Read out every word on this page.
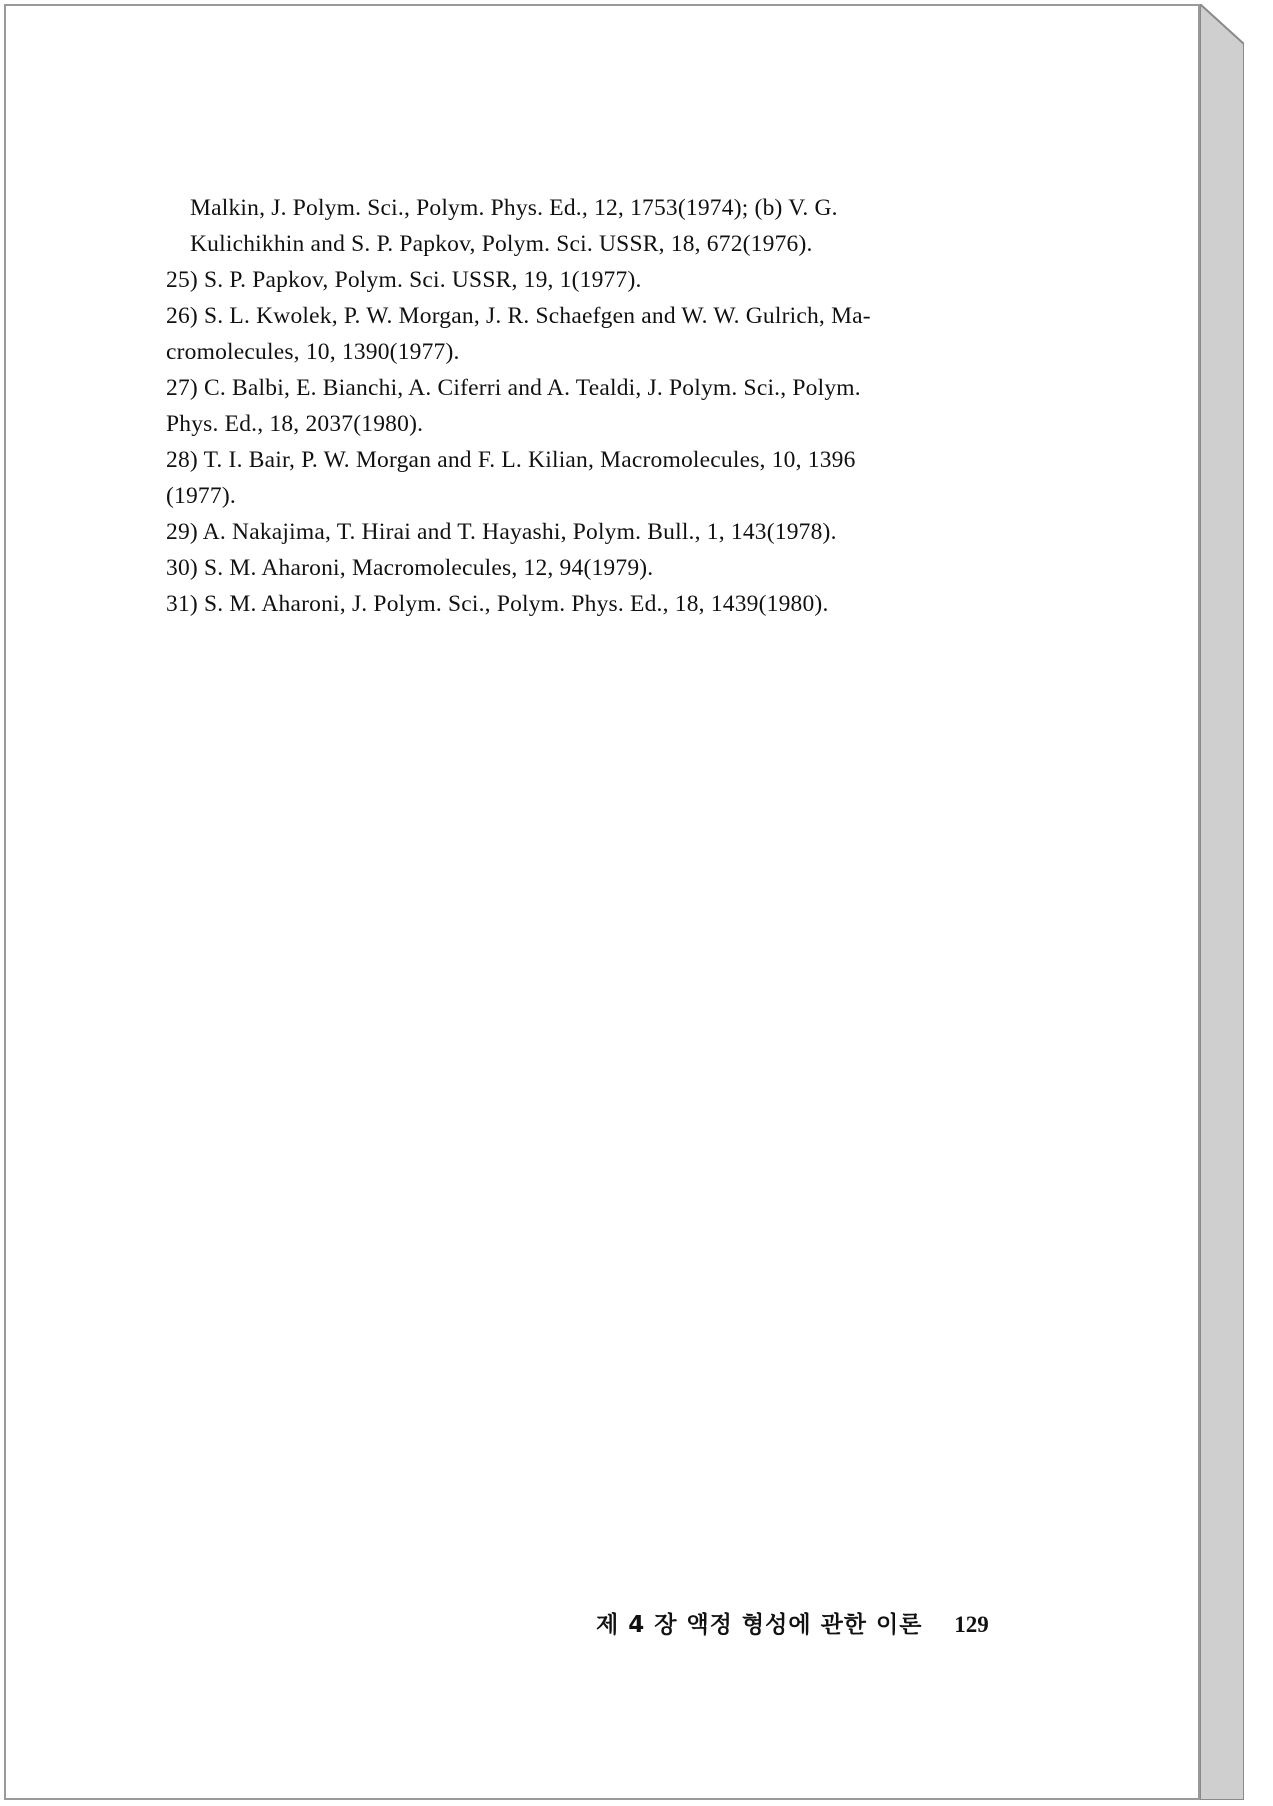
Malkin, J. Polym. Sci., Polym. Phys. Ed., 12, 1753(1974); (b) V. G.
Kulichikhin and S. P. Papkov, Polym. Sci. USSR, 18, 672(1976).
25) S. P. Papkov, Polym. Sci. USSR, 19, 1(1977).
26) S. L. Kwolek, P. W. Morgan, J. R. Schaefgen and W. W. Gulrich, Ma-
cromolecules, 10, 1390(1977).
27) C. Balbi, E. Bianchi, A. Ciferri and A. Tealdi, J. Polym. Sci., Polym.
Phys. Ed., 18, 2037(1980).
28) T. I. Bair, P. W. Morgan and F. L. Kilian, Macromolecules, 10, 1396
(1977).
29) A. Nakajima, T. Hirai and T. Hayashi, Polym. Bull., 1, 143(1978).
30) S. M. Aharoni, Macromolecules, 12, 94(1979).
31) S. M. Aharoni, J. Polym. Sci., Polym. Phys. Ed., 18, 1439(1980).
제 4 장 액정 형성에 관한 이론 129
